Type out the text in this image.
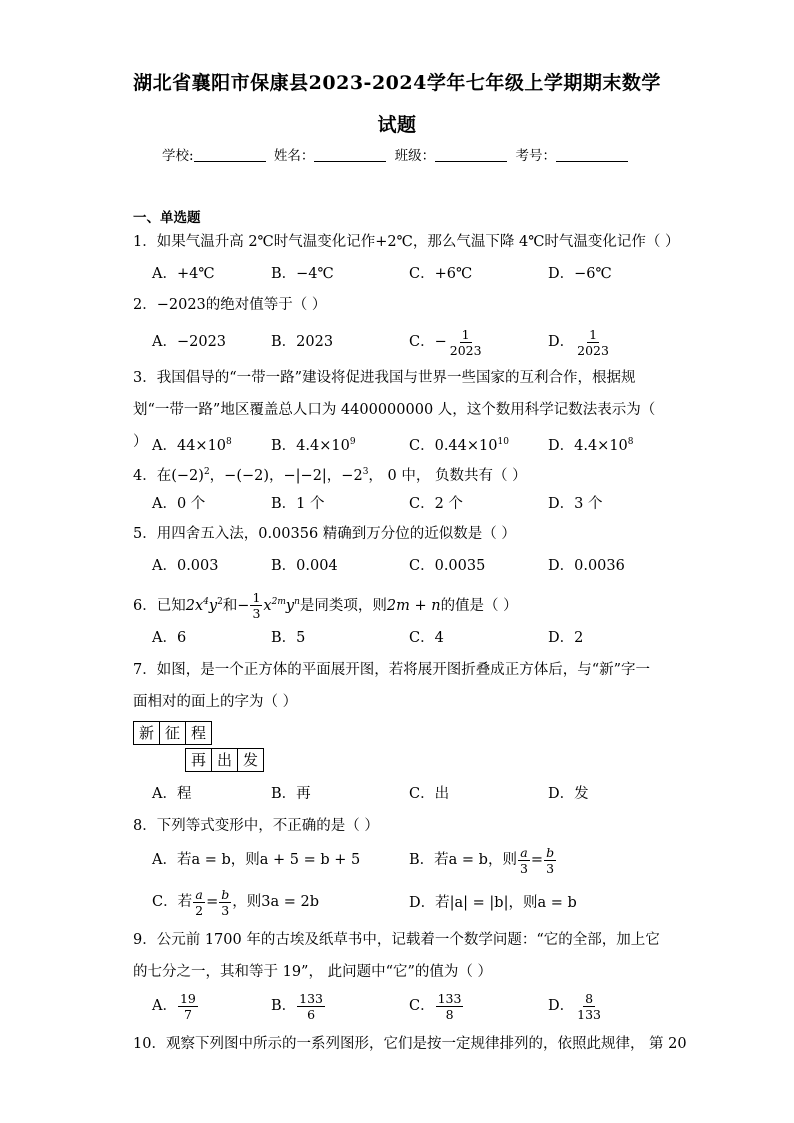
湖北省襄阳市保康县2023-2024学年七年级上学期期末数学
试题
学校:	姓名：	班级：	考号：
一、单选题
1．如果气温升高 2℃时气温变化记作+2℃，那么气温下降 4℃时气温变化记作（ ）
A．+4℃	B．−4℃	C．+6℃	D．−6℃
2．−2023的绝对值等于（ ）
A．−2023	B．2023	C．− $\frac{1}{2023}$	D． $\frac{1}{2023}$
3．我国倡导的“一带一路”建设将促进我国与世界一些国家的互利合作，根据规划“一带一路”地区覆盖总人口为 4400000000 人，这个数用科学记数法表示为（ ） A．$44\times 10^8$	B．$4.4\times 10^9$	C．$0.44\times 10^{10}$	D．$4.4\times 10^8$
4．在$(-2)^2$，−(−2)，−|−2|，$-2^3$， 0 中， 负数共有（ ）
A．0 个	B．1 个	C．2 个	D．3 个
5．用四舍五入法，0.00356 精确到万分位的近似数是（ ）
A．0.003	B．0.004	C．0.0035	D．0.0036
6．已知$2x^4y^2$和− $\frac{1}{3} x^{2m}y^n$是同类项，则2m + n的值是（ ）
A．6	B．5	C．4	D．2
7．如图，是一个正方体的平面展开图，若将展开图折叠成正方体后，与“新”字一面相对的面上的字为（ ）
新 征 程
再 出 发
A．程	B．再	C．出	D．发
8．下列等式变形中，不正确的是（ ）
A．若a = b，则a + 5 = b + 5	B．若a = b，则 $\frac{a}{3} = \frac{b}{3}$
C．若 $\frac{a}{2} = \frac{b}{3}$ ，则3a = 2b	D．若|a| = |b|，则a = b
9．公元前 1700 年的古埃及纸草书中，记载着一个数学问题：“它的全部，加上它的七分之一，其和等于 19”， 此问题中“它”的值为（ ）
A． $\frac{19}{7}$	B． $\frac{133}{6}$	C． $\frac{133}{8}$	D． $\frac{8}{133}$
10．观察下列图中所示的一系列图形，它们是按一定规律排列的，依照此规律， 第 20
